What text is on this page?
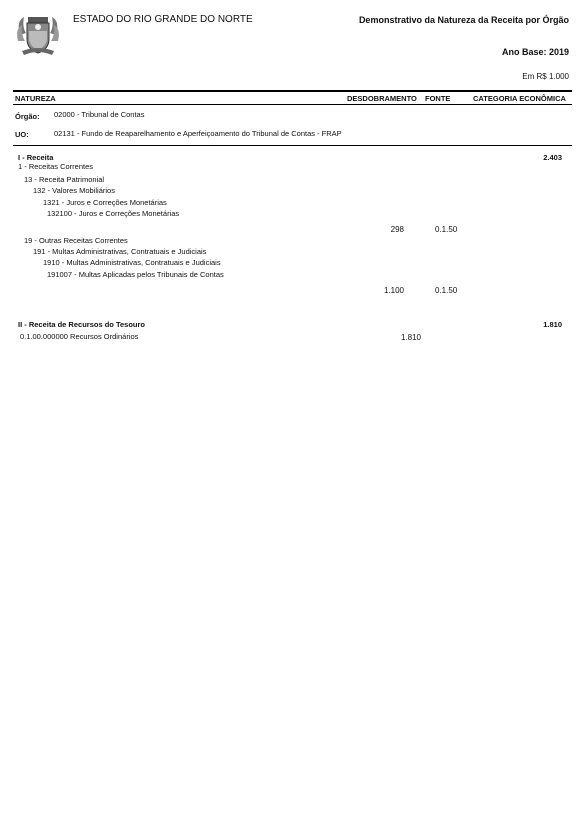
ESTADO DO RIO GRANDE DO NORTE	Demonstrativo da Natureza da Receita por Órgão
Ano Base: 2019
Em R$ 1.000
NATUREZA	DESDOBRAMENTO FONTE	CATEGORIA ECONÔMICA
Órgão: 02000 - Tribunal de Contas
UO:	02131 - Fundo de Reaparelhamento e Aperfeiçoamento do Tribunal de Contas - FRAP
I - Receita	2.403
1 - Receitas Correntes
13 - Receita Patrimonial
132 - Valores Mobiliários
1321 - Juros e Correções Monetárias
132100 - Juros e Correções Monetárias
298	0.1.50
19 - Outras Receitas Correntes
191 - Multas Administrativas, Contratuais e Judiciais
1910 - Multas Administrativas, Contratuais e Judiciais
191007 - Multas Aplicadas pelos Tribunais de Contas
1.100	0.1.50
II - Receita de Recursos do Tesouro	1.810
0.1.00.000000 Recursos Ordinários	1.810
